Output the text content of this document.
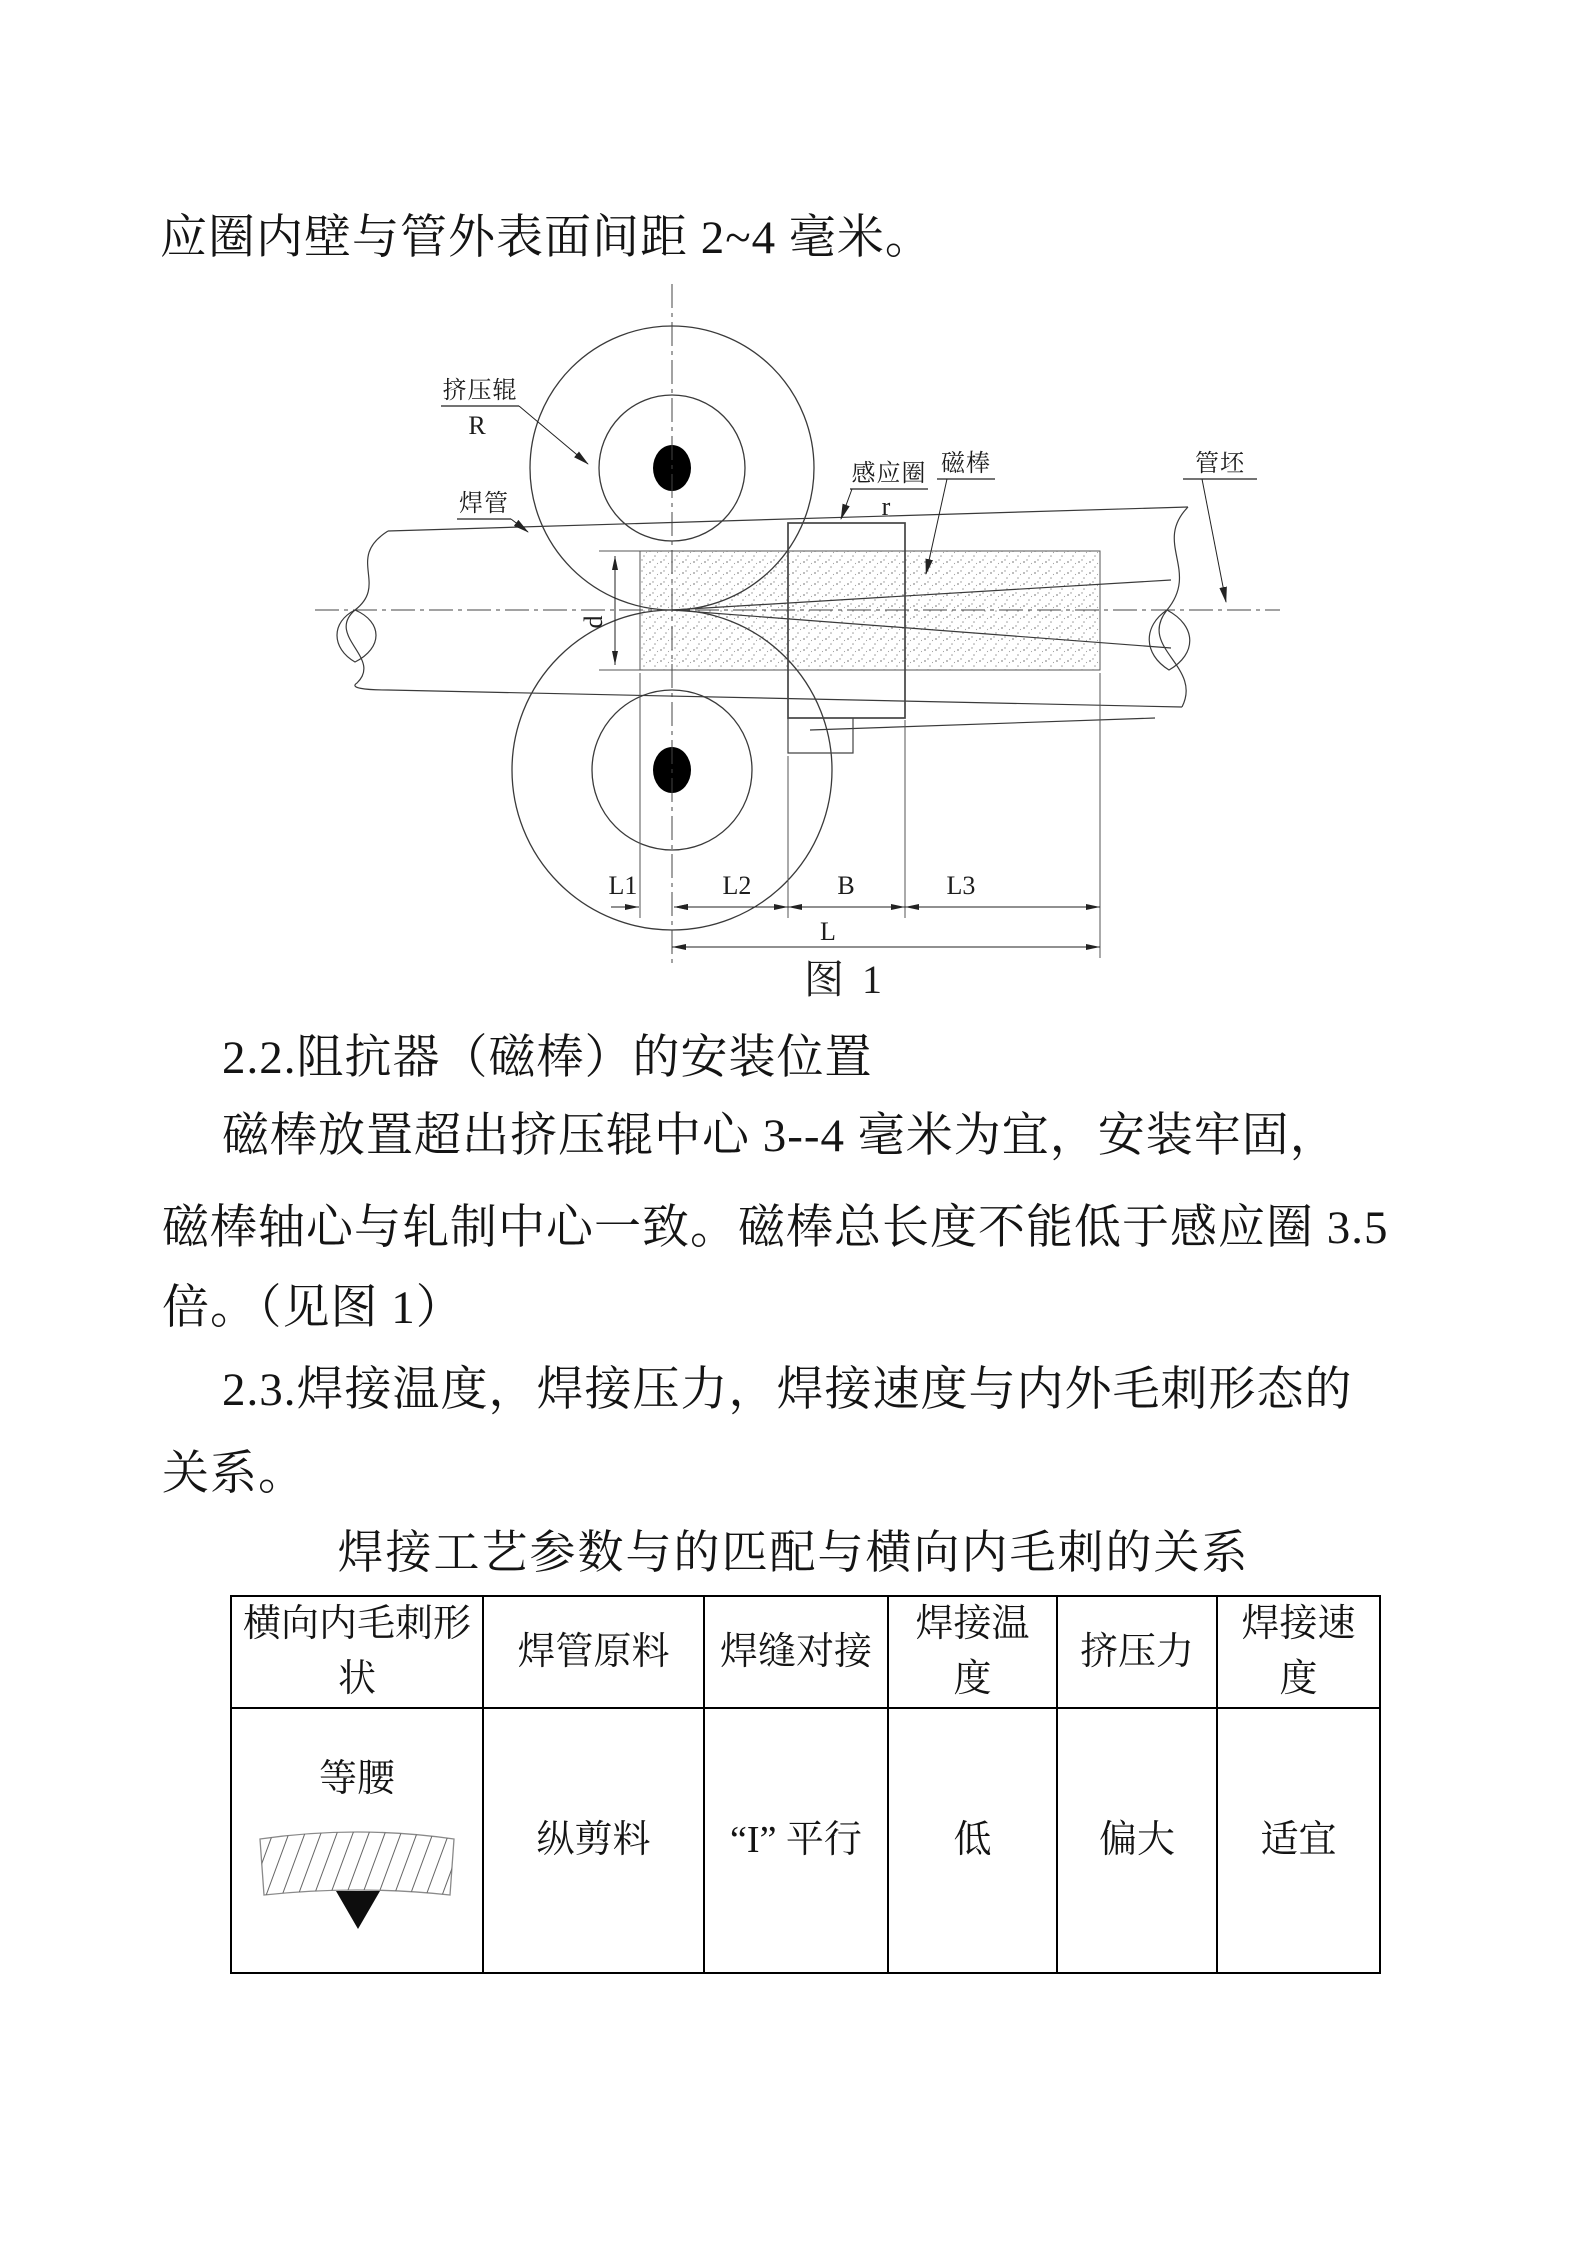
应圈内壁与管外表面间距 2~4 毫米。
d
L1	L2	B	L3
L
挤压辊
R
焊管
感应圈
r
磁棒	管坯
图 1
2.2.阻抗器（磁棒）的安装位置
磁棒放置超出挤压辊中心 3--4 毫米为宜，安装牢固，
磁棒轴心与轧制中心一致。磁棒总长度不能低于感应圈 3.5
倍。（见图 1）
2.3.焊接温度，焊接压力，焊接速度与内外毛刺形态的
关系。
焊接工艺参数与的匹配与横向内毛刺的关系
横向内毛刺形状	焊管原料	焊缝对接	焊接温度	挤压力	焊接速度

等腰	纵剪料	“I” 平行	低	偏大	适宜
